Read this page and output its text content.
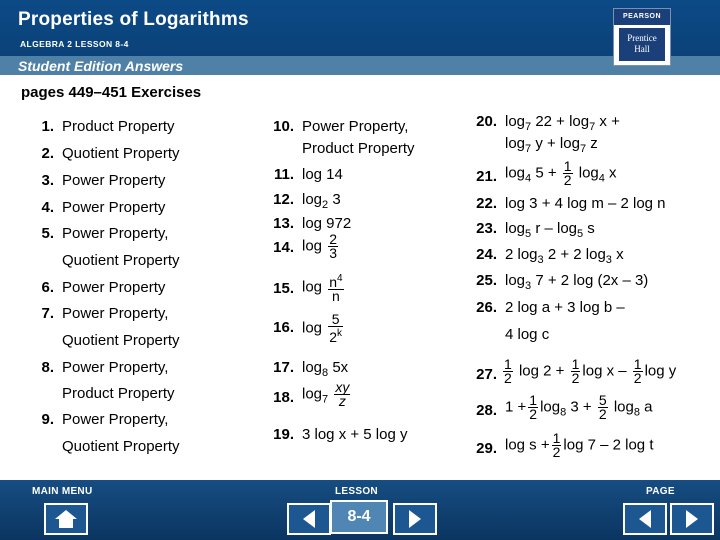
Properties of Logarithms
ALGEBRA 2 LESSON 8-4
Student Edition Answers
PEARSON
Prentice
Hall
pages 449–451 Exercises
1. Product Property
2. Quotient Property
3. Power Property
4. Power Property
5. Power Property,
Quotient Property
6. Power Property
7. Power Property,
Quotient Property
8. Power Property,
Product Property
9. Power Property,
Quotient Property
10. Power Property,
Product Property
11. log 14
12. $\log_2 3$
13. log 972
14. $\log \frac{2}{3}$
15. $\log \frac{n^4}{n}$
16. $\log \frac{5}{2^k}$
17. $\log_8 5x$
18. $\log_7 \frac{xy}{z}$
19. 3 log x + 5 log y
20. $\log_7 22 + \log_7 x$ +
$\log_7 y + \log_7 z$
21. $\log_4 5 + \frac{1}{2} \log_4 x$
22. log 3 + 4 log m – 2 log n
23. $\log_5 r - \log_5 s$
24. 2 $\log_3 2 + 2$ $\log_3 x$
25. $\log_3 7 + 2$ log (2x – 3)
26. 2 log a + 3 log b –
4 log c
27. $\frac{1}{2}$ $\log 2 + \frac{1}{2}$ log x – $\frac{1}{2}$ log y
28. $1 + \frac{1}{2} \log_8 3 + \frac{5}{2} \log_8 a$
29. $\log s + \frac{1}{2}$ log 7 – 2 log t
MAIN MENU	LESSON	PAGE
8-4
